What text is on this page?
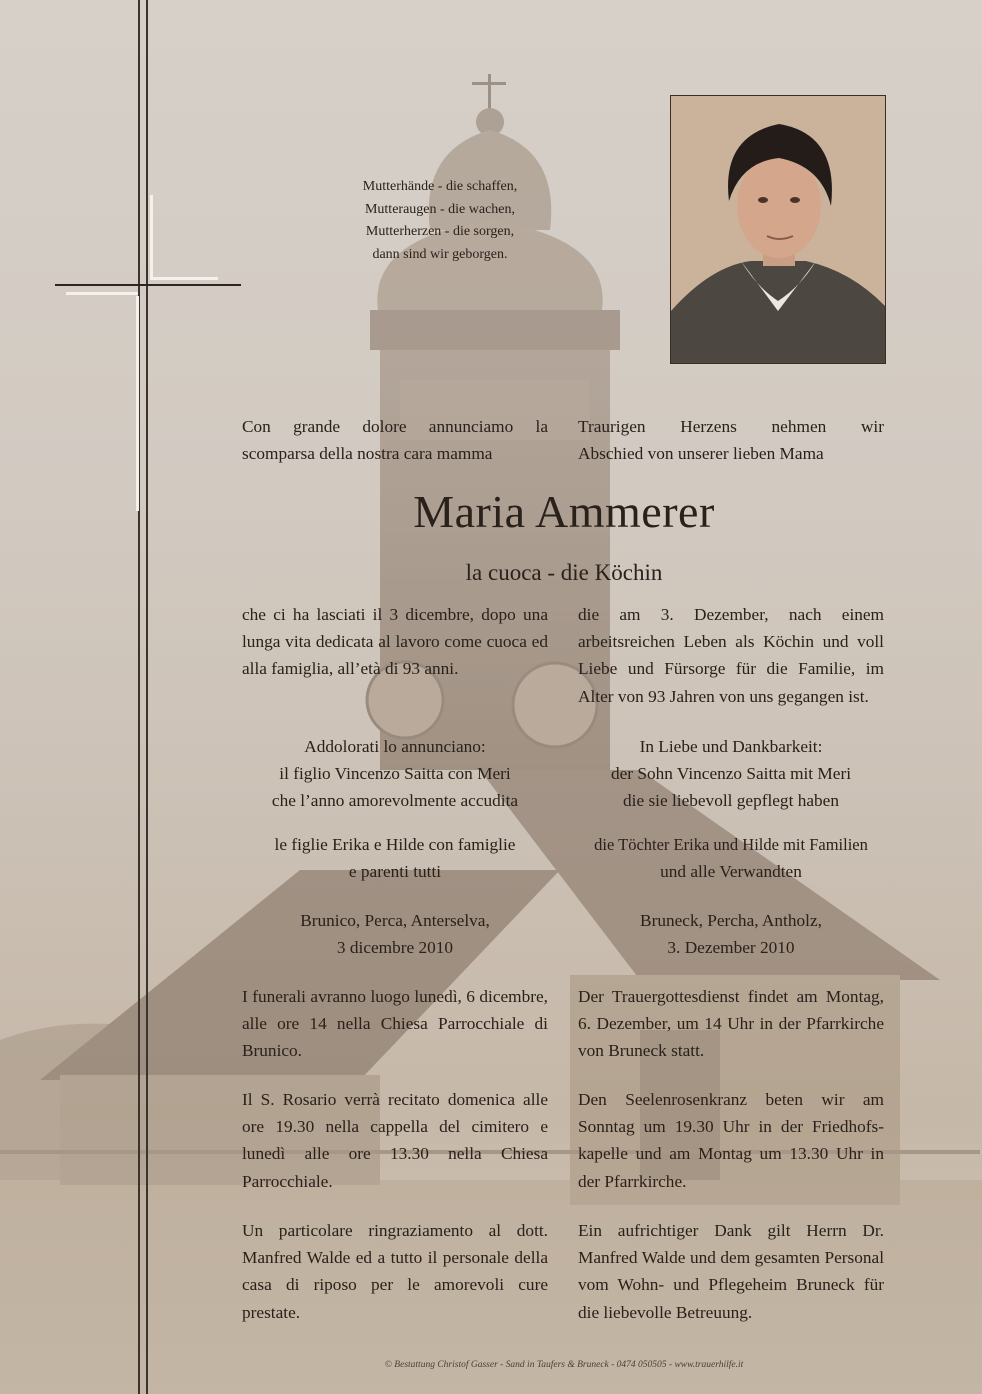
Mutterhände - die schaffen,
Mutteraugen - die wachen,
Mutterherzen - die sorgen,
dann sind wir geborgen.
Con grande dolore annunciamo la
scomparsa della nostra cara mamma
Traurigen Herzens nehmen wir
Abschied von unserer lieben Mama
Maria Ammerer
la cuoca - die Köchin

che ci ha lasciati il 3 dicembre, dopo una lunga vita dedicata al lavoro come cuoca ed alla famiglia, all’età di 93 anni.

die am 3. Dezember, nach einem arbeitsreichen Leben als Köchin und voll Liebe und Fürsorge für die Familie, im Alter von 93 Jahren von uns gegangen ist.

Addolorati lo annunciano:
il figlio Vincenzo Saitta con Meri
che l’anno amorevolmente accudita
In Liebe und Dankbarkeit:
der Sohn Vincenzo Saitta mit Meri
die sie liebevoll gepflegt haben
le figlie Erika e Hilde con famiglie
e parenti tutti
die Töchter Erika und Hilde mit Familien
und alle Verwandten
Brunico, Perca, Anterselva,
3 dicembre 2010
Bruneck, Percha, Antholz,
3. Dezember 2010

I funerali avranno luogo lunedì, 6 dicembre, alle ore 14 nella Chiesa Parrocchiale di Brunico.

Der Trauergottesdienst findet am Montag, 6. Dezember, um 14 Uhr in der Pfarrkirche von Bruneck statt.

Il S. Rosario verrà recitato domenica alle ore 19.30 nella cappella del cimitero e lunedì alle ore 13.30 nella Chiesa Parrocchiale.

Den Seelenrosenkranz beten wir am Sonntag um 19.30 Uhr in der Friedhofs-kapelle und am Montag um 13.30 Uhr in der Pfarrkirche.

Un particolare ringraziamento al dott. Manfred Walde ed a tutto il personale della casa di riposo per le amorevoli cure prestate.

Ein aufrichtiger Dank gilt Herrn Dr. Manfred Walde und dem gesamten Personal vom Wohn- und Pflegeheim Bruneck für die liebevolle Betreuung.

© Bestattung Christof Gasser - Sand in Taufers & Bruneck - 0474 050505 - www.trauerhilfe.it
